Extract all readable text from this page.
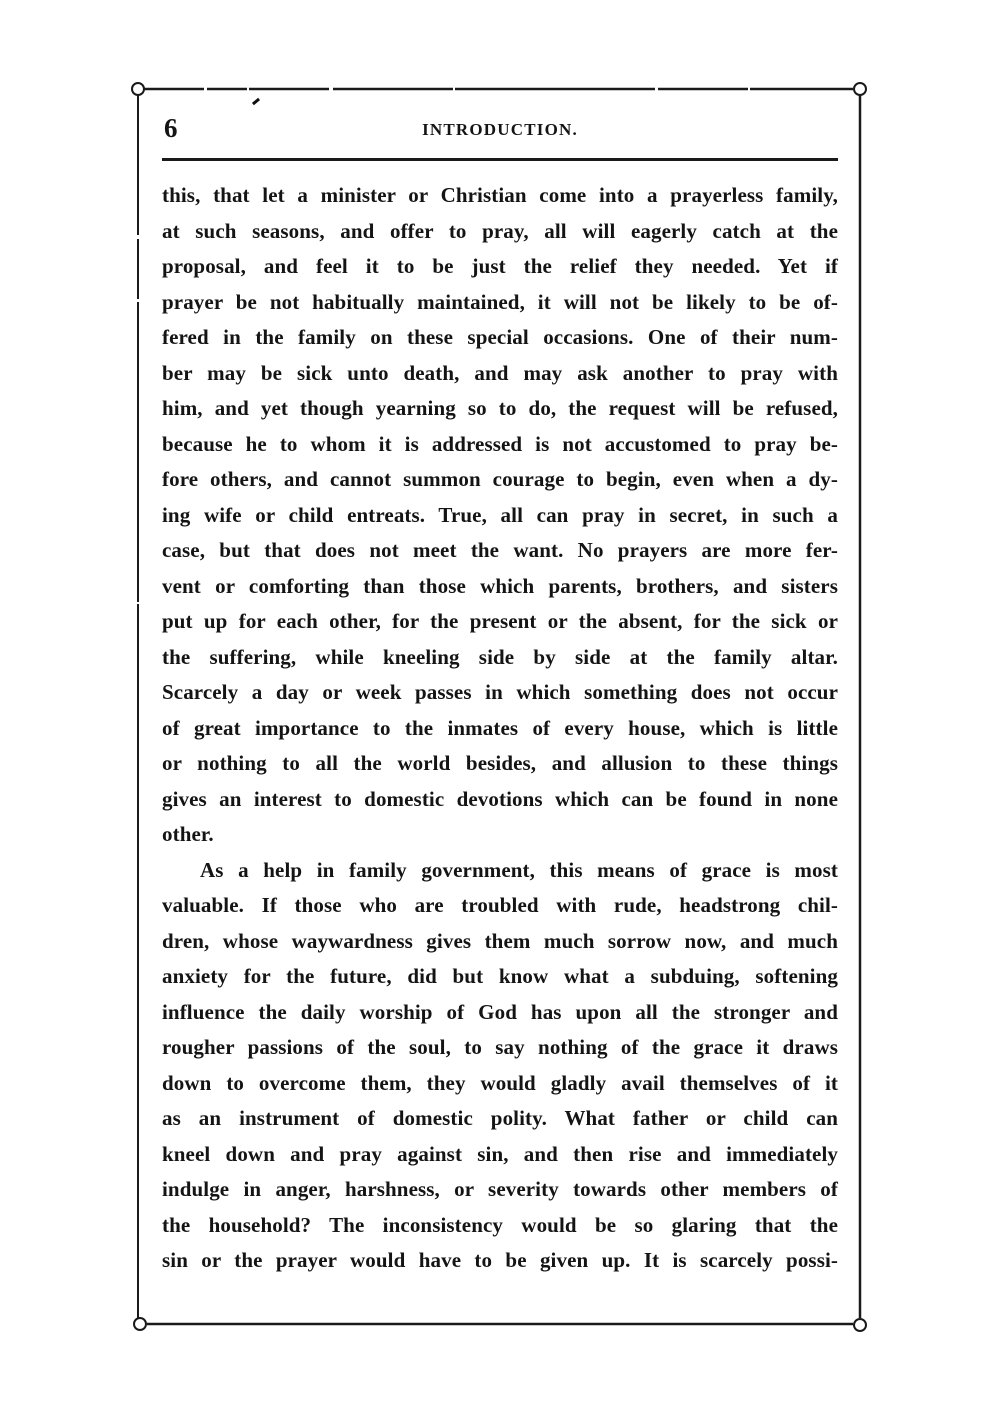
6	INTRODUCTION.
this, that let a minister or Christian come into a prayerless family,
at such seasons, and offer to pray, all will eagerly catch at the
proposal, and feel it to be just the relief they needed. Yet if
prayer be not habitually maintained, it will not be likely to be of-
fered in the family on these special occasions. One of their num-
ber may be sick unto death, and may ask another to pray with
him, and yet though yearning so to do, the request will be refused,
because he to whom it is addressed is not accustomed to pray be-
fore others, and cannot summon courage to begin, even when a dy-
ing wife or child entreats. True, all can pray in secret, in such a
case, but that does not meet the want. No prayers are more fer-
vent or comforting than those which parents, brothers, and sisters
put up for each other, for the present or the absent, for the sick or
the suffering, while kneeling side by side at the family altar.
Scarcely a day or week passes in which something does not occur
of great importance to the inmates of every house, which is little
or nothing to all the world besides, and allusion to these things
gives an interest to domestic devotions which can be found in none
other.
As a help in family government, this means of grace is most
valuable. If those who are troubled with rude, headstrong chil-
dren, whose waywardness gives them much sorrow now, and much
anxiety for the future, did but know what a subduing, softening
influence the daily worship of God has upon all the stronger and
rougher passions of the soul, to say nothing of the grace it draws
down to overcome them, they would gladly avail themselves of it
as an instrument of domestic polity. What father or child can
kneel down and pray against sin, and then rise and immediately
indulge in anger, harshness, or severity towards other members of
the household? The inconsistency would be so glaring that the
sin or the prayer would have to be given up. It is scarcely possi-
